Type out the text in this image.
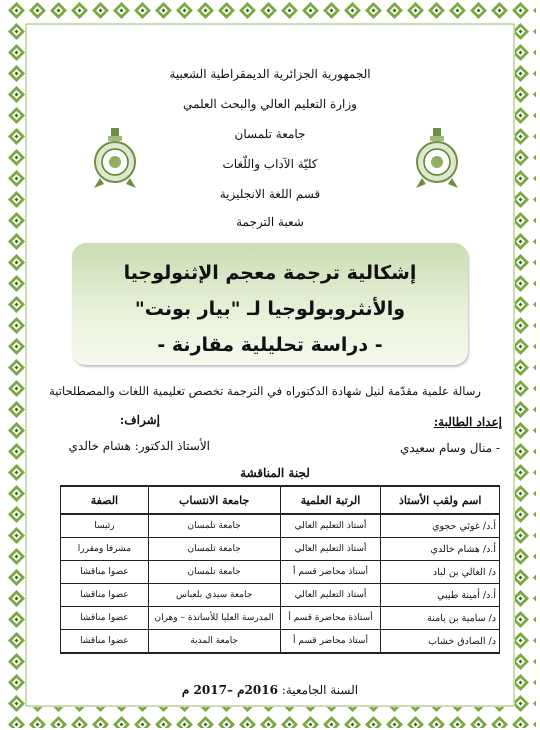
الجمهورية الجزائرية الديمقراطية الشعبية
وزارة التعليم العالي والبحث العلمي
جامعة تلمسان
كليّة الآداب واللّغات
قسم اللغة الانجليزية
شعبة الترجمة
إشكالية ترجمة معجم الإثنولوجيا
والأنثروبولوجيا لـ "بيار بونت"
- دراسة تحليلية مقارنة -
رسالة علمية مقدّمة لنيل شهادة الدكتوراه في الترجمة تخصص تعليمية اللغات والمصطلحاتية
إعداد الطالبة:
إشراف:
- منال وسام سعيدي
الأستاذ الدكتور: هشام خالدي
لجنة المناقشة
اسم ولقب الأستاذ	الرتبة العلمية	جامعة الانتساب	الصفة
أ.د/ غوثي حجوي	أستاذ التعليم العالي	جامعة تلمسان	رئيسا
أ.د/ هشام خالدي	أستاذ التعليم العالي	جامعة تلمسان	مشرفا ومقررا
د/ الغالي بن لباد	أستاذ محاضر قسم أ	جامعة تلمسان	عضوا مناقشا
أ.د/ أمينة طيبي	أستاذ التعليم العالي	جامعة سيدي بلعباس	عضوا مناقشا
د/ سامية بن يامنة	أستاذة محاضرة قسم أ	المدرسة العليا للأساتذة – وهران	عضوا مناقشا
د/ الصادق خشاب	أستاذ محاضر قسم أ	جامعة المدية	عضوا مناقشا
السنة الجامعية: 2016م –2017 م
